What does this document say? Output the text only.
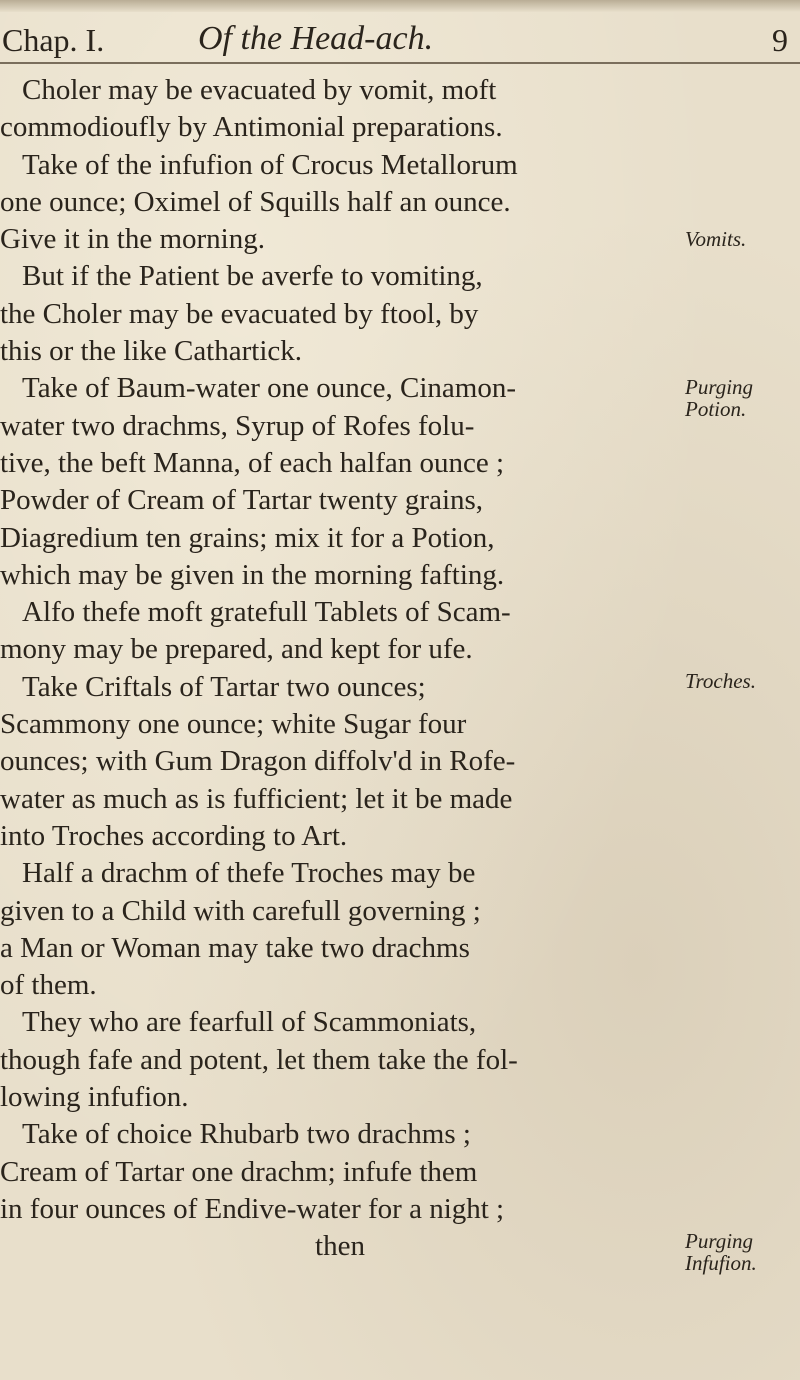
Chap. I.	Of the Head-ach.	9
Choler may be evacuated by vomit, moft
commodioufly by Antimonial preparations.
Take of the infufion of Crocus Metallorum
one ounce; Oximel of Squills half an ounce.
Give it in the morning.
But if the Patient be averfe to vomiting,
the Choler may be evacuated by ftool, by
this or the like Cathartick.
Take of Baum-water one ounce, Cinamon-
water two drachms, Syrup of Rofes folu-
tive, the beft Manna, of each halfan ounce ;
Powder of Cream of Tartar twenty grains,
Diagredium ten grains; mix it for a Potion,
which may be given in the morning fafting.
Alfo thefe moft gratefull Tablets of Scam-
mony may be prepared, and kept for ufe.
Take Criftals of Tartar two ounces;
Scammony one ounce; white Sugar four
ounces; with Gum Dragon diffolv'd in Rofe-
water as much as is fufficient; let it be made
into Troches according to Art.
Half a drachm of thefe Troches may be
given to a Child with carefull governing ;
a Man or Woman may take two drachms
of them.
They who are fearfull of Scammoniats,
though fafe and potent, let them take the fol-
lowing infufion.
Take of choice Rhubarb two drachms ;
Cream of Tartar one drachm; infufe them
in four ounces of Endive-water for a night ;
then
Vomits.
Purging
Potion.
Troches.
Purging
Infufion.
